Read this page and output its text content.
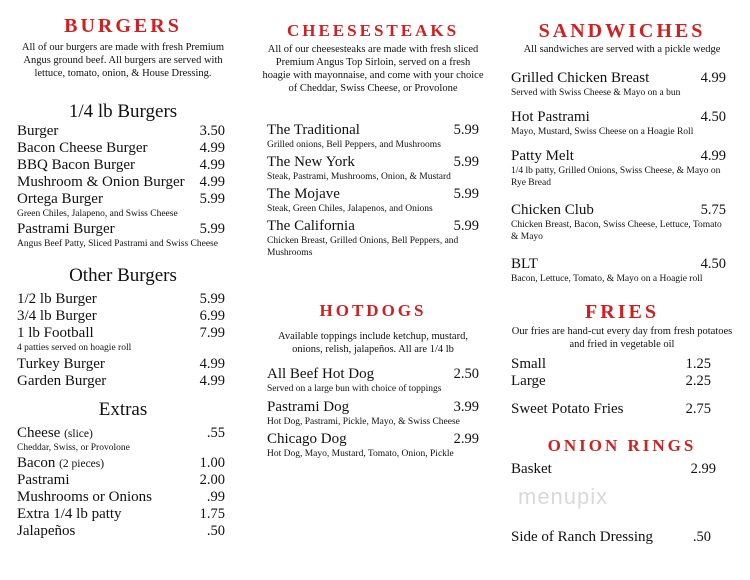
BURGERS
All of our burgers are made with fresh Premium Angus ground beef. All burgers are served with lettuce, tomato, onion, & House Dressing.
1/4 lb Burgers
Burger	3.50
Bacon Cheese Burger	4.99
BBQ Bacon Burger	4.99
Mushroom & Onion Burger 4.99
Ortega Burger	5.99
Green Chiles, Jalapeno, and Swiss Cheese
Pastrami Burger	5.99
Angus Beef Patty, Sliced Pastrami and Swiss Cheese
Other Burgers
1/2 lb Burger	5.99
3/4 lb Burger	6.99
1 lb Football	7.99
4 patties served on hoagie roll
Turkey Burger	4.99
Garden Burger	4.99
Extras
Cheese (slice)	.55
Cheddar, Swiss, or Provolone
Bacon (2 pieces)	1.00
Pastrami	2.00
Mushrooms or Onions	.99
Extra 1/4 lb patty	1.75
Jalapeños	.50
CHEESESTEAKS
All of our cheesesteaks are made with fresh sliced Premium Angus Top Sirloin, served on a fresh hoagie with mayonnaise, and come with your choice of Cheddar, Swiss Cheese, or Provolone
The Traditional	5.99
Grilled onions, Bell Peppers, and Mushrooms
The New York	5.99
Steak, Pastrami, Mushrooms, Onion, & Mustard
The Mojave	5.99
Steak, Green Chiles, Jalapenos, and Onions
The California	5.99
Chicken Breast, Grilled Onions, Bell Peppers, and Mushrooms
HOTDOGS
Available toppings include ketchup, mustard, onions, relish, jalapeños. All are 1/4 lb
All Beef Hot Dog	2.50
Served on a large bun with choice of toppings
Pastrami Dog	3.99
Hot Dog, Pastrami, Pickle, Mayo, & Swiss Cheese
Chicago Dog	2.99
Hot Dog, Mayo, Mustard, Tomato, Onion, Pickle
SANDWICHES
All sandwiches are served with a pickle wedge
Grilled Chicken Breast	4.99
Served with Swiss Cheese & Mayo on a bun
Hot Pastrami	4.50
Mayo, Mustard, Swiss Cheese on a Hoagie Roll
Patty Melt	4.99
1/4 lb patty, Grilled Onions, Swiss Cheese, & Mayo on Rye Bread
Chicken Club	5.75
Chicken Breast, Bacon, Swiss Cheese, Lettuce, Tomato & Mayo
BLT	4.50
Bacon, Lettuce, Tomato, & Mayo on a Hoagie roll
FRIES
Our fries are hand-cut every day from fresh potatoes and fried in vegetable oil
Small	1.25
Large	2.25
Sweet Potato Fries	2.75
ONION RINGS
Basket	2.99
Side of Ranch Dressing	.50
menupix
